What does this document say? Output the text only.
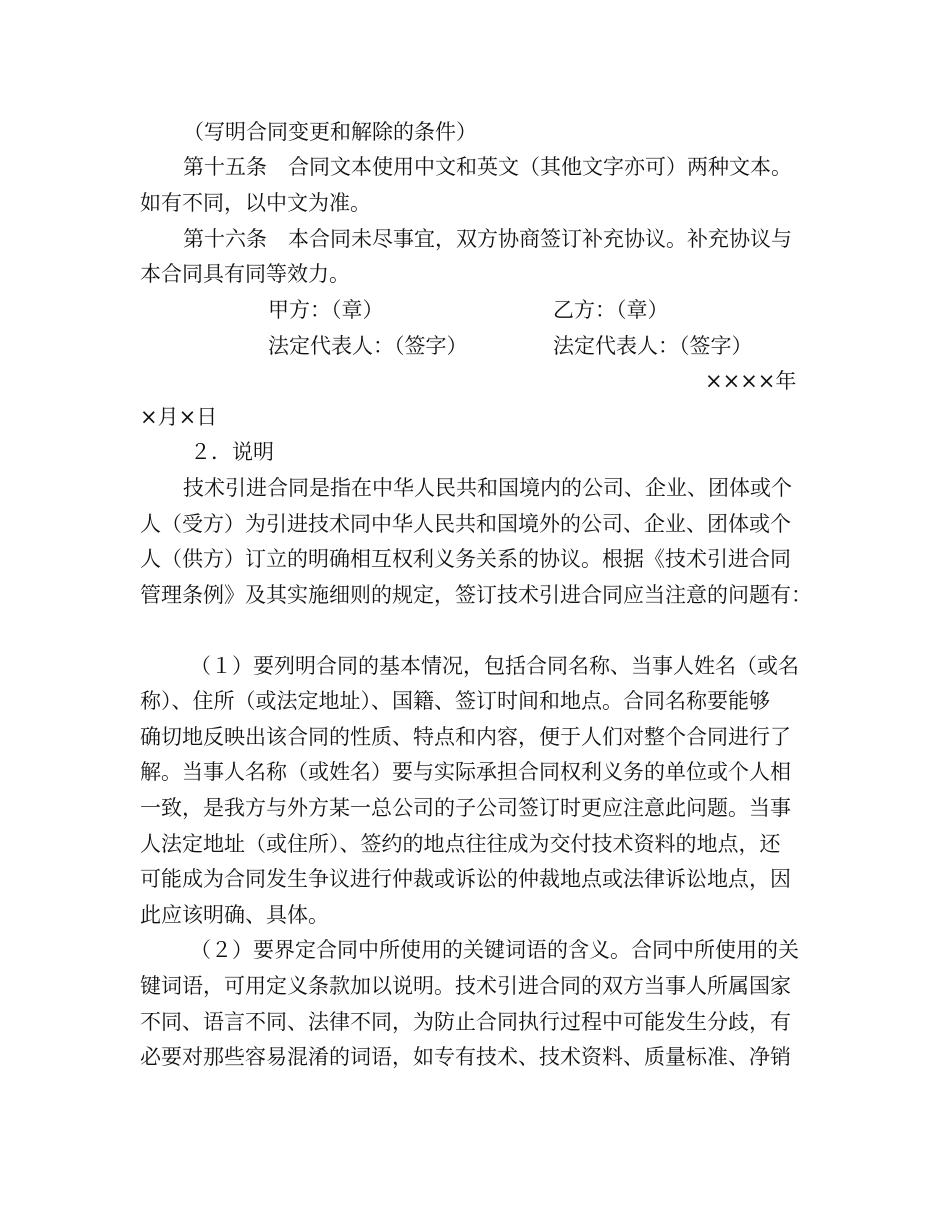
（写明合同变更和解除的条件）
第十五条　合同文本使用中文和英文（其他文字亦可）两种文本。
如有不同，以中文为准。
第十六条　本合同未尽事宜，双方协商签订补充协议。补充协议与
本合同具有同等效力。
甲方：（章）	乙方：（章）
法定代表人：（签字）	法定代表人：（签字）
××××年
×月×日
２．说明
技术引进合同是指在中华人民共和国境内的公司、企业、团体或个
人（受方）为引进技术同中华人民共和国境外的公司、企业、团体或个
人（供方）订立的明确相互权利义务关系的协议。根据《技术引进合同
管理条例》及其实施细则的规定，签订技术引进合同应当注意的问题有：
（１）要列明合同的基本情况，包括合同名称、当事人姓名（或名
称）、住所（或法定地址）、国籍、签订时间和地点。合同名称要能够
确切地反映出该合同的性质、特点和内容，便于人们对整个合同进行了
解。当事人名称（或姓名）要与实际承担合同权利义务的单位或个人相
一致，是我方与外方某一总公司的子公司签订时更应注意此问题。当事
人法定地址（或住所）、签约的地点往往成为交付技术资料的地点，还
可能成为合同发生争议进行仲裁或诉讼的仲裁地点或法律诉讼地点，因
此应该明确、具体。
（２）要界定合同中所使用的关键词语的含义。合同中所使用的关
键词语，可用定义条款加以说明。技术引进合同的双方当事人所属国家
不同、语言不同、法律不同，为防止合同执行过程中可能发生分歧，有
必要对那些容易混淆的词语，如专有技术、技术资料、质量标准、净销
